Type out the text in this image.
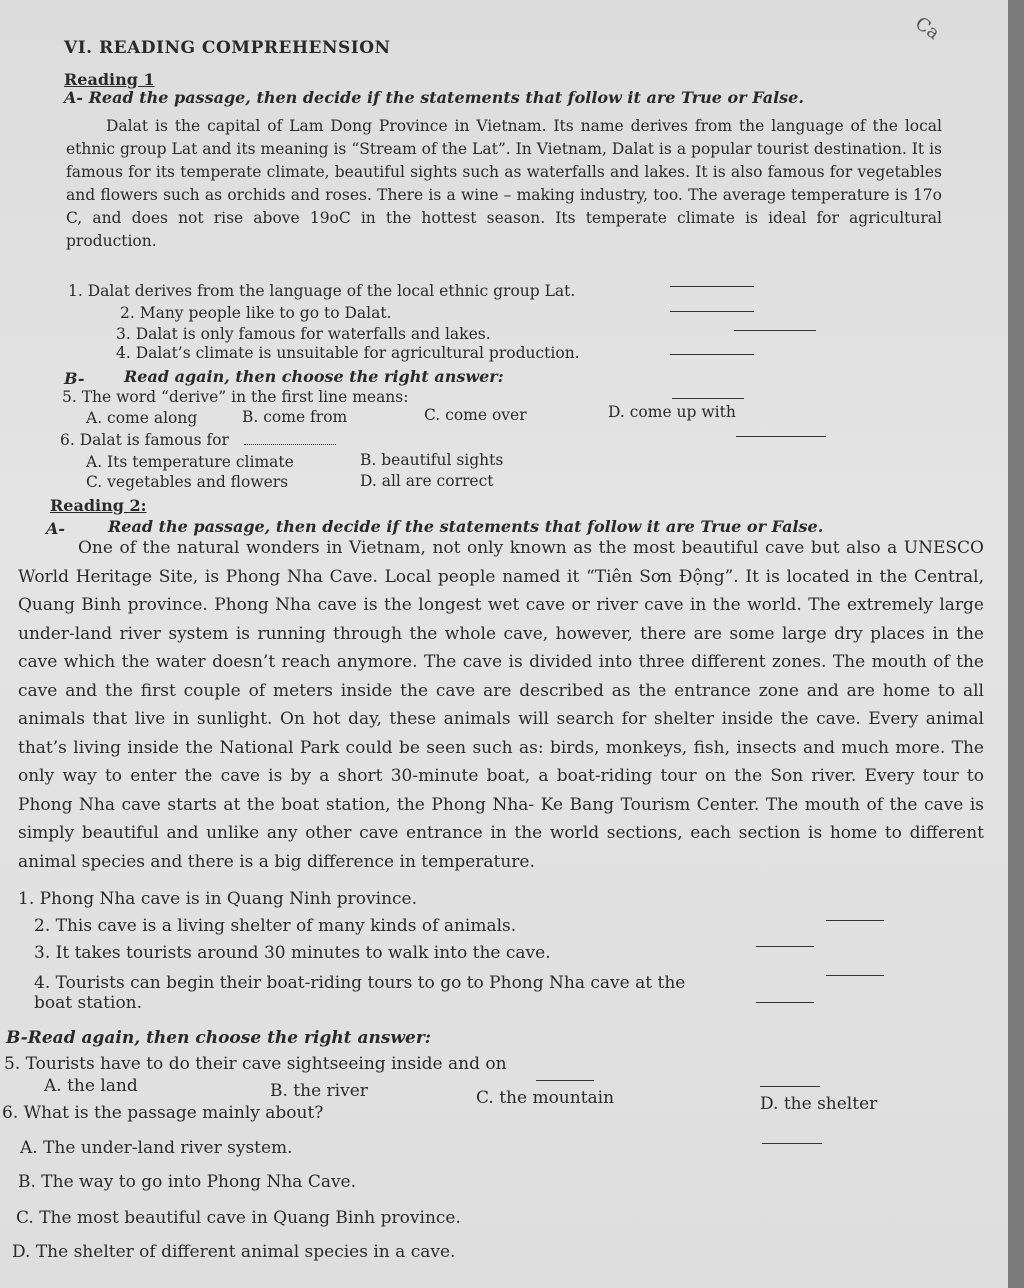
Ca
VI. READING COMPREHENSION
Reading 1
A- Read the passage, then decide if the statements that follow it are True or False.
Dalat is the capital of Lam Dong Province in Vietnam. Its name derives from the language of the local ethnic group Lat and its meaning is “Stream of the Lat”. In Vietnam, Dalat is a popular tourist destination. It is famous for its temperate climate, beautiful sights such as waterfalls and lakes. It is also famous for vegetables and flowers such as orchids and roses. There is a wine – making industry, too. The average temperature is 17o C, and does not rise above 19oC in the hottest season. Its temperate climate is ideal for agricultural production.
1. Dalat derives from the language of the local ethnic group Lat.
2. Many people like to go to Dalat.
3. Dalat is only famous for waterfalls and lakes.
4. Dalat’s climate is unsuitable for agricultural production.
B- Read again, then choose the right answer:
5. The word “derive” in the first line means:
A. come along	B. come from	C. come over	D. come up with
6. Dalat is famous for
A. Its temperature climate	B. beautiful sights
C. vegetables and flowers	D. all are correct
Reading 2:
A-	Read the passage, then decide if the statements that follow it are True or False.
One of the natural wonders in Vietnam, not only known as the most beautiful cave but also a UNESCO World Heritage Site, is Phong Nha Cave. Local people named it “Tiên Sơn Động”. It is located in the Central, Quang Binh province. Phong Nha cave is the longest wet cave or river cave in the world. The extremely large under-land river system is running through the whole cave, however, there are some large dry places in the cave which the water doesn’t reach anymore. The cave is divided into three different zones. The mouth of the cave and the first couple of meters inside the cave are described as the entrance zone and are home to all animals that live in sunlight. On hot day, these animals will search for shelter inside the cave. Every animal that’s living inside the National Park could be seen such as: birds, monkeys, fish, insects and much more. The only way to enter the cave is by a short 30-minute boat, a boat-riding tour on the Son river. Every tour to Phong Nha cave starts at the boat station, the Phong Nha- Ke Bang Tourism Center. The mouth of the cave is simply beautiful and unlike any other cave entrance in the world sections, each section is home to different animal species and there is a big difference in temperature.
1. Phong Nha cave is in Quang Ninh province.
2. This cave is a living shelter of many kinds of animals.
3. It takes tourists around 30 minutes to walk into the cave.
4. Tourists can begin their boat-riding tours to go to Phong Nha cave at the
boat station.
B-Read again, then choose the right answer:
5. Tourists have to do their cave sightseeing inside and on
A. the land	B. the river	C. the mountain	D. the shelter
6. What is the passage mainly about?
A. The under-land river system.
B. The way to go into Phong Nha Cave.
C. The most beautiful cave in Quang Binh province.
D. The shelter of different animal species in a cave.
